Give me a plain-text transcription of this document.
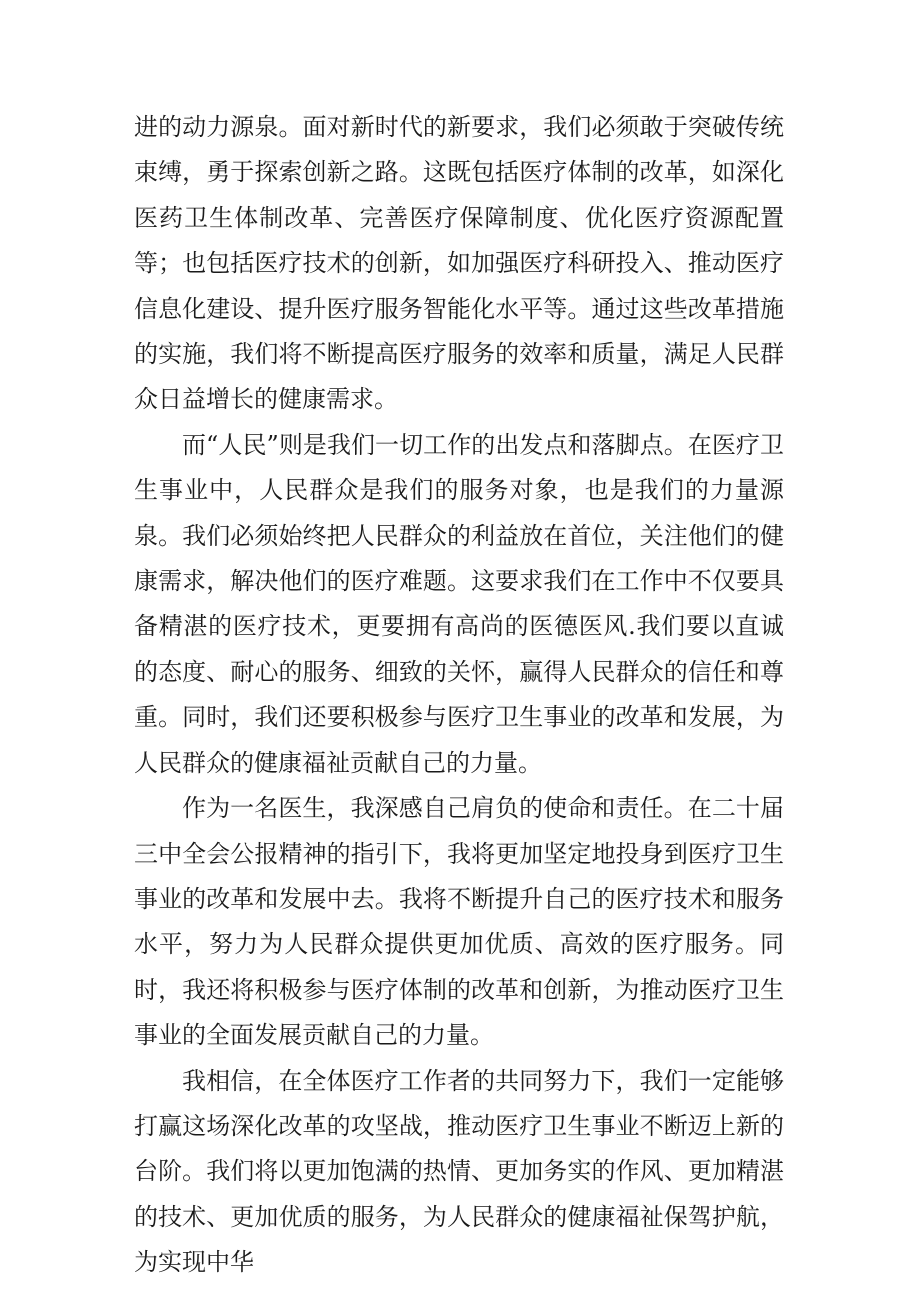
进的动力源泉。面对新时代的新要求，我们必须敢于突破传统束缚，勇于探索创新之路。这既包括医疗体制的改革，如深化医药卫生体制改革、完善医疗保障制度、优化医疗资源配置等；也包括医疗技术的创新，如加强医疗科研投入、推动医疗信息化建设、提升医疗服务智能化水平等。通过这些改革措施的实施，我们将不断提高医疗服务的效率和质量，满足人民群众日益增长的健康需求。

而“人民”则是我们一切工作的出发点和落脚点。在医疗卫生事业中，人民群众是我们的服务对象，也是我们的力量源泉。我们必须始终把人民群众的利益放在首位，关注他们的健康需求，解决他们的医疗难题。这要求我们在工作中不仅要具备精湛的医疗技术，更要拥有高尚的医德医风.我们要以直诚的态度、耐心的服务、细致的关怀，赢得人民群众的信任和尊重。同时，我们还要积极参与医疗卫生事业的改革和发展，为人民群众的健康福祉贡献自己的力量。

作为一名医生，我深感自己肩负的使命和责任。在二十届三中全会公报精神的指引下，我将更加坚定地投身到医疗卫生事业的改革和发展中去。我将不断提升自己的医疗技术和服务水平，努力为人民群众提供更加优质、高效的医疗服务。同时，我还将积极参与医疗体制的改革和创新，为推动医疗卫生事业的全面发展贡献自己的力量。

我相信，在全体医疗工作者的共同努力下，我们一定能够打赢这场深化改革的攻坚战，推动医疗卫生事业不断迈上新的台阶。我们将以更加饱满的热情、更加务实的作风、更加精湛的技术、更加优质的服务，为人民群众的健康福祉保驾护航，为实现中华
